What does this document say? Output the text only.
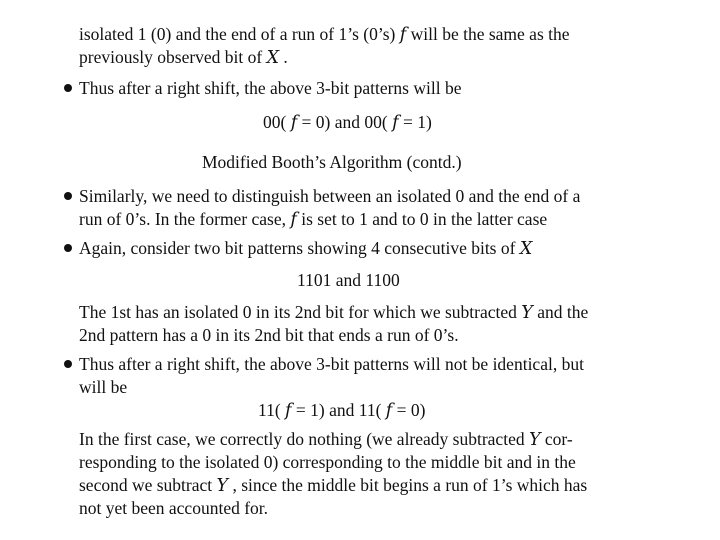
isolated 1 (0) and the end of a run of 1’s (0’s) 𝑓 will be the same as the
previously observed bit of 𝑋 .
Thus after a right shift, the above 3-bit patterns will be
00( 𝑓 = 0) and 00( 𝑓 = 1)
Modified Booth’s Algorithm (contd.)
Similarly, we need to distinguish between an isolated 0 and the end of a
run of 0’s. In the former case, 𝑓 is set to 1 and to 0 in the latter case
Again, consider two bit patterns showing 4 consecutive bits of 𝑋
1101 and 1100
The 1st has an isolated 0 in its 2nd bit for which we subtracted 𝑌 and the
2nd pattern has a 0 in its 2nd bit that ends a run of 0’s.
Thus after a right shift, the above 3-bit patterns will not be identical, but
will be
11( 𝑓 = 1) and 11( 𝑓 = 0)
In the first case, we correctly do nothing (we already subtracted 𝑌 cor-
responding to the isolated 0) corresponding to the middle bit and in the
second we subtract 𝑌 , since the middle bit begins a run of 1’s which has
not yet been accounted for.
